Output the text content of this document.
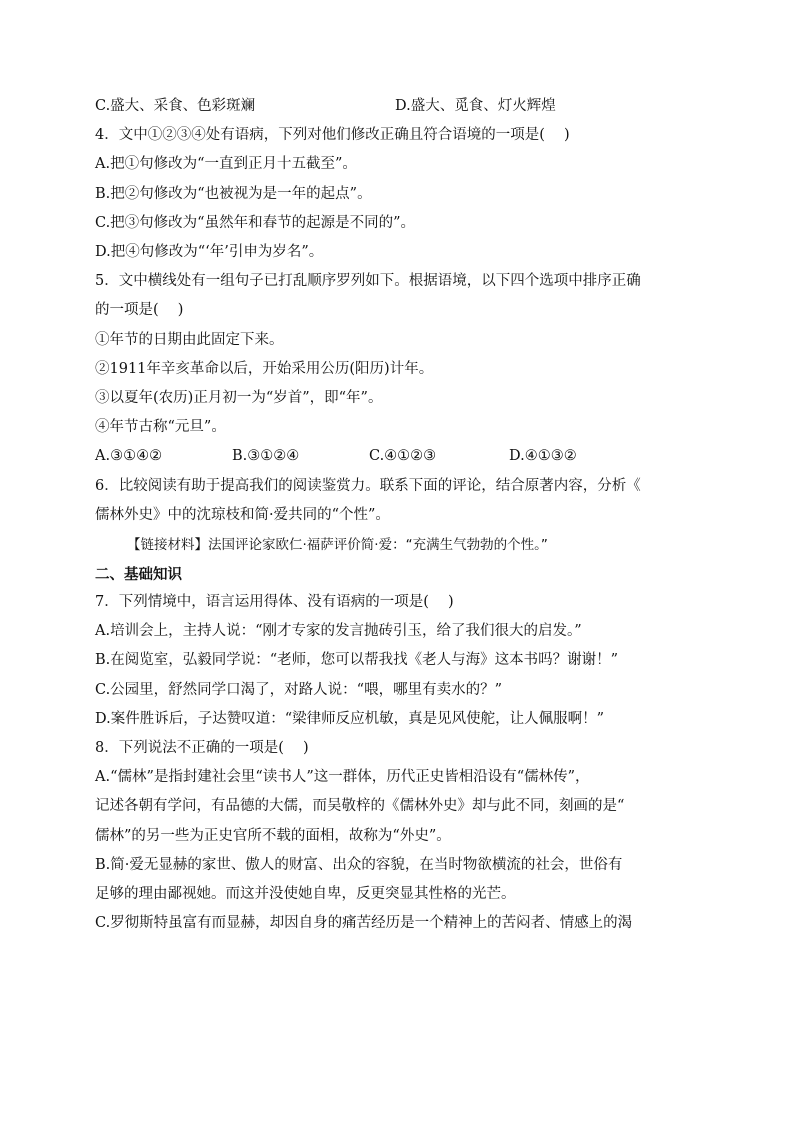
C.盛大、采食、色彩斑斓	D.盛大、觅食、灯火辉煌
4．文中①②③④处有语病，下列对他们修改正确且符合语境的一项是(　 )
A.把①句修改为“一直到正月十五截至”。
B.把②句修改为“也被视为是一年的起点”。
C.把③句修改为“虽然年和春节的起源是不同的”。
D.把④句修改为“‘年’引申为岁名”。
5．文中横线处有一组句子已打乱顺序罗列如下。根据语境，以下四个选项中排序正确
的一项是(　 )
①年节的日期由此固定下来。
②1911年辛亥革命以后，开始采用公历(阳历)计年。
③以夏年(农历)正月初一为“岁首”，即“年”。
④年节古称“元旦”。
A.③①④②	B.③①②④	C.④①②③	D.④①③②
6．比较阅读有助于提高我们的阅读鉴赏力。联系下面的评论，结合原著内容，分析《
儒林外史》中的沈琼枝和简·爱共同的“个性”。
【链接材料】法国评论家欧仁·福萨评价简·爱：“充满生气勃勃的个性。”
二、基础知识
7．下列情境中，语言运用得体、没有语病的一项是(　 )
A.培训会上，主持人说：“刚才专家的发言抛砖引玉，给了我们很大的启发。”
B.在阅览室，弘毅同学说：“老师，您可以帮我找《老人与海》这本书吗？谢谢！”
C.公园里，舒然同学口渴了，对路人说：“喂，哪里有卖水的？”
D.案件胜诉后，子达赞叹道：“梁律师反应机敏，真是见风使舵，让人佩服啊！”
8．下列说法不正确的一项是(　 )
A.“儒林”是指封建社会里“读书人”这一群体，历代正史皆相沿设有“儒林传”，
记述各朝有学问，有品德的大儒，而吴敬梓的《儒林外史》却与此不同，刻画的是“
儒林”的另一些为正史官所不载的面相，故称为“外史”。
B.简·爱无显赫的家世、傲人的财富、出众的容貌，在当时物欲横流的社会，世俗有
足够的理由鄙视她。而这并没使她自卑，反更突显其性格的光芒。
C.罗彻斯特虽富有而显赫，却因自身的痛苦经历是一个精神上的苦闷者、情感上的渴
